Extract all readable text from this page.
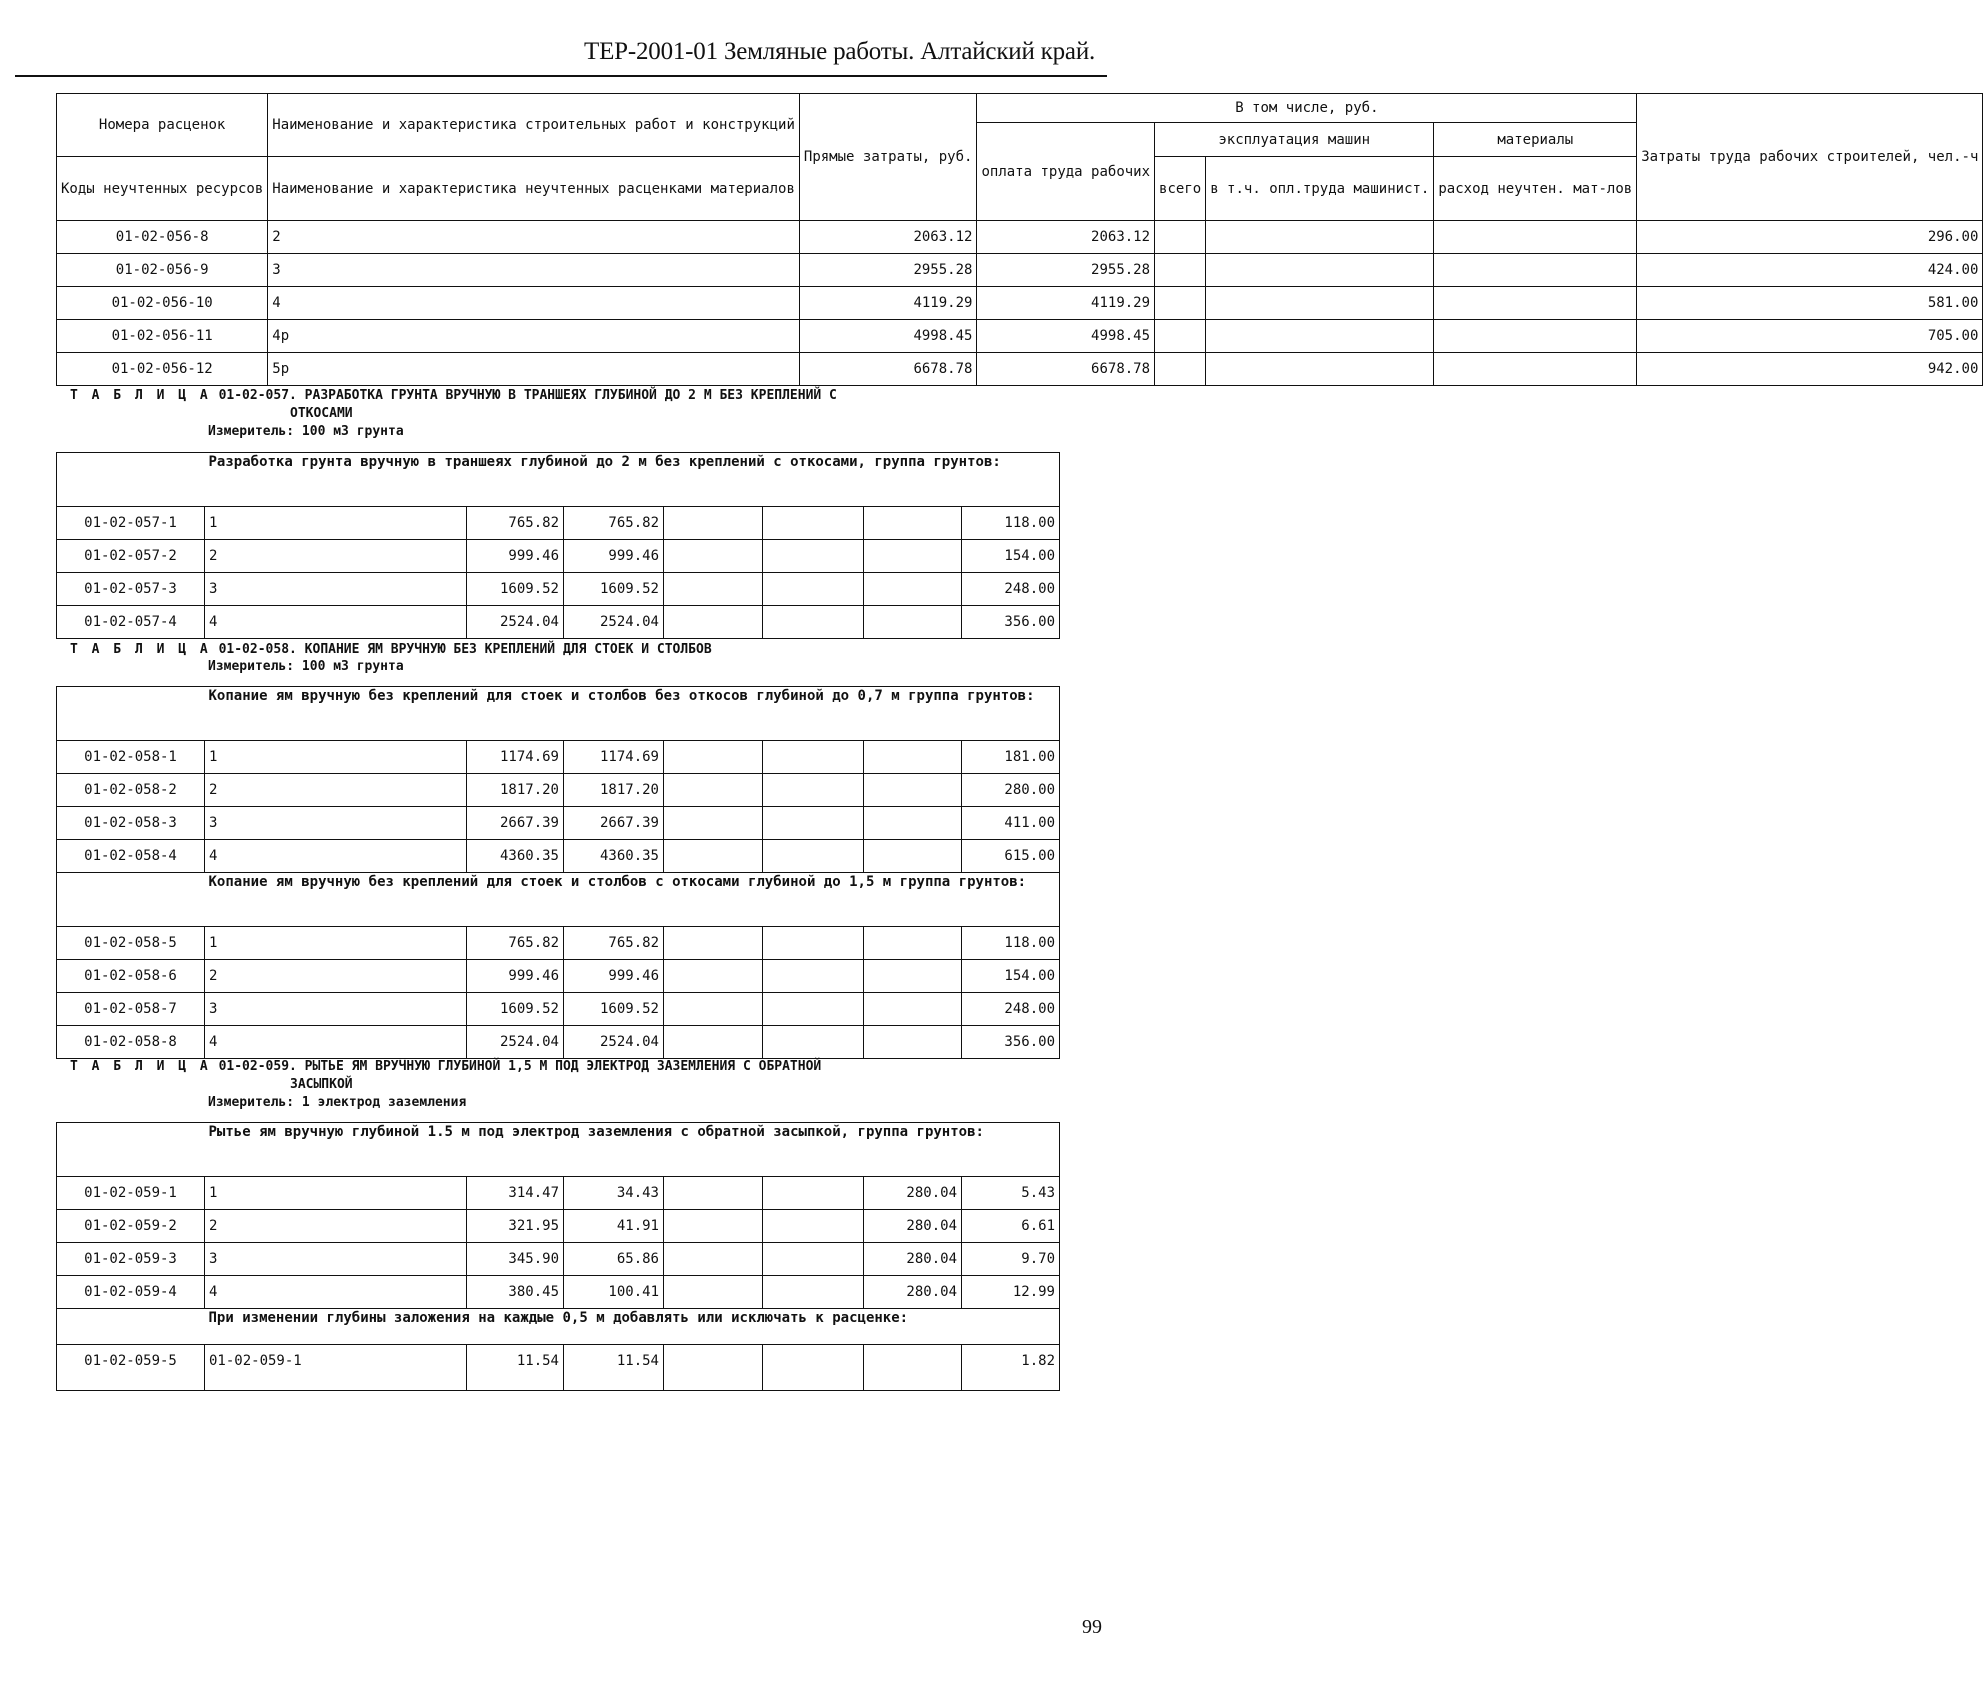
ТЕР-2001-01 Земляные работы. Алтайский край.
Номера расценок	Наименование и характеристика строительных работ и конструкций	Прямые затраты, руб.	В том числе, руб.				Затраты труда рабочих строителей, чел.-ч
			оплата труда рабочих	эксплуатация машин		материалы	
Коды неучтенных ресурсов	Наименование и характеристика неучтенных расценками материалов			всего	в т.ч. опл.труда машинист.	расход неучтен. мат-лов	

01-02-056-8	2	2063.12	2063.12				296.00
01-02-056-9	3	2955.28	2955.28				424.00
01-02-056-10	4	4119.29	4119.29				581.00
01-02-056-11	4р	4998.45	4998.45				705.00
01-02-056-12	5р	6678.78	6678.78				942.00
Т А Б Л И Ц А 01-02-057. РАЗРАБОТКА ГРУНТА ВРУЧНУЮ В ТРАНШЕЯХ ГЛУБИНОЙ ДО 2 М БЕЗ КРЕПЛЕНИЙ С
ОТКОСАМИ
Измеритель: 100 м3 грунта
	Разработка грунта вручную в траншеях глубиной до 2 м без креплений с откосами, группа грунтов:						
01-02-057-1	1	765.82	765.82				118.00
01-02-057-2	2	999.46	999.46				154.00
01-02-057-3	3	1609.52	1609.52				248.00
01-02-057-4	4	2524.04	2524.04				356.00
Т А Б Л И Ц А 01-02-058. КОПАНИЕ ЯМ ВРУЧНУЮ БЕЗ КРЕПЛЕНИЙ ДЛЯ СТОЕК И СТОЛБОВ
Измеритель: 100 м3 грунта
	Копание ям вручную без креплений для стоек и столбов без откосов глубиной до 0,7 м группа грунтов:						
01-02-058-1	1	1174.69	1174.69				181.00
01-02-058-2	2	1817.20	1817.20				280.00
01-02-058-3	3	2667.39	2667.39				411.00
01-02-058-4	4	4360.35	4360.35				615.00
	Копание ям вручную без креплений для стоек и столбов с откосами глубиной до 1,5 м группа грунтов:						
01-02-058-5	1	765.82	765.82				118.00
01-02-058-6	2	999.46	999.46				154.00
01-02-058-7	3	1609.52	1609.52				248.00
01-02-058-8	4	2524.04	2524.04				356.00
Т А Б Л И Ц А 01-02-059. РЫТЬЕ ЯМ ВРУЧНУЮ ГЛУБИНОЙ 1,5 М ПОД ЭЛЕКТРОД ЗАЗЕМЛЕНИЯ С ОБРАТНОЙ
ЗАСЫПКОЙ
Измеритель: 1 электрод заземления
	Рытье ям вручную глубиной 1.5 м под электрод заземления с обратной засыпкой, группа грунтов:						
01-02-059-1	1	314.47	34.43			280.04	5.43
01-02-059-2	2	321.95	41.91			280.04	6.61
01-02-059-3	3	345.90	65.86			280.04	9.70
01-02-059-4	4	380.45	100.41			280.04	12.99
	При изменении глубины заложения на каждые 0,5 м добавлять или исключать к расценке:						
01-02-059-5	01-02-059-1	11.54	11.54				1.82
99
